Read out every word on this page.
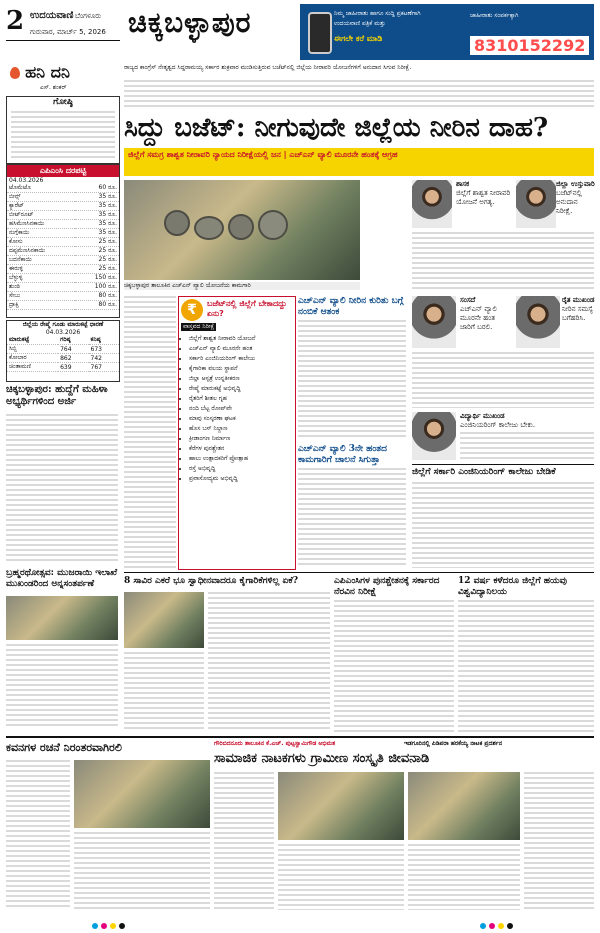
2 ಉದಯವಾಣಿ ಬೆಂಗಳೂರು
ಗುರುವಾರ, ಮಾರ್ಚ್ 5, 2026 ಚಿಕ್ಕಬಳ್ಳಾಪುರ	ನಿಮ್ಮ ಜಾಹೀರಾತು ಹಾಗೂ ಸುದ್ದಿ ಪ್ರಕಟಣೆಗಾಗಿ
ಉದಯವಾಣಿ ಪತ್ರಿಕೆ ಮತ್ತು
ಈಗಲೇ ಕರೆ ಮಾಡಿ
ಜಾಹೀರಾತು ಸಂಪರ್ಕಕ್ಕಾಗಿ
8310152292
ಹನಿ ದನಿ
ಎಸ್. ಶಂಕರ್
ಗೋಷ್ಠಿ
ಎಪಿಎಂಸಿ ದರಪಟ್ಟಿ
04.03.2026
ಟೊಮೆಟೊ	60 ರೂ.
ಬೀನ್ಸ್	35 ರೂ.
ಕ್ಯಾರೆಟ್	35 ರೂ.
ಬೀಟ್‌ರೂಟ್	35 ರೂ.
ಹಸಿಮೆಣಸಿನಕಾಯಿ	35 ರೂ.
ನುಗ್ಗೆಕಾಯಿ	35 ರೂ.
ಕೋಸು	25 ರೂ.
ದಪ್ಪಮೆಣಸಿನಕಾಯಿ	25 ರೂ.
ಬದನೆಕಾಯಿ	25 ರೂ.
ಈರುಳ್ಳಿ	25 ರೂ.
ಬೆಳ್ಳುಳ್ಳಿ	150 ರೂ.
ಶುಂಠಿ	100 ರೂ.
ಸೇಬು	80 ರೂ.
ದ್ರಾಕ್ಷಿ	80 ರೂ.
ಜಿಲ್ಲೆಯ ರೇಷ್ಮೆ ಗೂಡು ಮಾರುಕಟ್ಟೆ ಧಾರಣೆ
04.03.2026
ಮಾರುಕಟ್ಟೆ	ಗರಿಷ್ಠ	ಕನಿಷ್ಠ
ಸಿಬ್ಬಿ	764	673
ಕೋಲಾರ	862	742
ಚಿಂತಾಮಣಿ	639	767
ಚಿಕ್ಕಬಳ್ಳಾಪುರ: ಹುದ್ದೆಗೆ ಮಹಿಳಾ ಅಭ್ಯರ್ಥಿಗಳಿಂದ ಅರ್ಜಿ
ಬ್ರಹ್ಮರಥೋತ್ಸವ: ಮುಜರಾಯಿ ಇಲಾಖೆ ಮುಖಂಡರಿಂದ ಅನ್ನಸಂತರ್ಪಣೆ
ರಾಜ್ಯದ ಕಾಂಗ್ರೆಸ್ ನೇತೃತ್ವದ ಸಿದ್ದರಾಮಯ್ಯ ಸರ್ಕಾರ ಶುಕ್ರವಾರ ಮಂಡಿಸುತ್ತಿರುವ ಬಜೆಟ್‌ನಲ್ಲಿ ಜಿಲ್ಲೆಯ ನೀರಾವರಿ ಯೋಜನೆಗಳಿಗೆ ಅನುದಾನ ಸಿಗುವ ನಿರೀಕ್ಷೆ.
ಸಿದ್ದು ಬಜೆಟ್: ನೀಗುವುದೇ ಜಿಲ್ಲೆಯ ನೀರಿನ ದಾಹ?
ಜಿಲ್ಲೆಗೆ ಸಮಗ್ರ ಶಾಶ್ವತ ನೀರಾವರಿ ನ್ಯಾಯದ ನಿರೀಕ್ಷೆಯಲ್ಲಿ ಜನ | ಎಚ್‌ಎನ್ ವ್ಯಾಲಿ ಮೂರನೇ ಹಂತಕ್ಕೆ ಆಗ್ರಹ
ಚಿಕ್ಕಬಳ್ಳಾಪುರ ತಾಲೂಕಿನ ಎಚ್‌ಎನ್ ವ್ಯಾಲಿ ಯೋಜನೆಯ ಕಾಮಗಾರಿ
₹	ಬಜೆಟ್‌ನಲ್ಲಿ ಜಿಲ್ಲೆಗೆ ಬೇಕಾದದ್ದು ಏನು?
ವಾಸ್ತವದ ನಿರೀಕ್ಷೆ
• ಜಿಲ್ಲೆಗೆ ಶಾಶ್ವತ ನೀರಾವರಿ ಯೋಜನೆ
• ಎಚ್‌ಎನ್ ವ್ಯಾಲಿ ಮೂರನೇ ಹಂತ
• ಸರ್ಕಾರಿ ಎಂಜಿನಿಯರಿಂಗ್ ಕಾಲೇಜು
• ಕೈಗಾರಿಕಾ ವಲಯ ಸ್ಥಾಪನೆ
• ಜಿಲ್ಲಾ ಆಸ್ಪತ್ರೆ ಉನ್ನತೀಕರಣ
• ರೇಷ್ಮೆ ಮಾರುಕಟ್ಟೆ ಅಭಿವೃದ್ಧಿ
• ರೈತರಿಗೆ ಶೀತಲ ಗೃಹ
• ನಂದಿ ಬೆಟ್ಟ ರೋಪ್‌ವೇ
• ಮಾವು ಸಂಸ್ಕರಣಾ ಘಟಕ
• ಹೊಸ ಬಸ್ ನಿಲ್ದಾಣ
• ಕ್ರೀಡಾಂಗಣ ನಿರ್ಮಾಣ
• ಕೆರೆಗಳ ಪುನಶ್ಚೇತನ
• ಹಾಲು ಉತ್ಪಾದಕರಿಗೆ ಪ್ರೋತ್ಸಾಹ
• ರಸ್ತೆ ಅಭಿವೃದ್ಧಿ
• ಪ್ರವಾಸೋದ್ಯಮ ಅಭಿವೃದ್ಧಿ
ಎಚ್‌ಎನ್ ವ್ಯಾಲಿ ನೀರಿನ ಕುರಿತು ಬಗ್ಗೆ ನಂಬಿಕೆ ಆತಂಕ
ಎಚ್‌ಎನ್ ವ್ಯಾಲಿ 3ನೇ ಹಂತದ ಕಾಮಗಾರಿಗೆ ಚಾಲನೆ ಸಿಗುತ್ತಾ
ಶಾಸಕ
ಜಿಲ್ಲೆಗೆ ಶಾಶ್ವತ ನೀರಾವರಿ ಯೋಜನೆ ಅಗತ್ಯ.
ಜಿಲ್ಲಾ ಉಸ್ತುವಾರಿ
ಬಜೆಟ್‌ನಲ್ಲಿ ಅನುದಾನ ನಿರೀಕ್ಷೆ.
ಸಂಸದೆ
ಎಚ್‌ಎನ್ ವ್ಯಾಲಿ ಮೂರನೇ ಹಂತ ಜಾರಿಗೆ ಬರಲಿ.
ರೈತ ಮುಖಂಡ
ನೀರಿನ ಸಮಸ್ಯೆ ಬಗೆಹರಿಸಿ.
ವಿದ್ಯಾರ್ಥಿ ಮುಖಂಡ
ಎಂಜಿನಿಯರಿಂಗ್ ಕಾಲೇಜು ಬೇಕು.
ಜಿಲ್ಲೆಗೆ ಸರ್ಕಾರಿ ಎಂಜಿನಿಯರಿಂಗ್ ಕಾಲೇಜು ಬೇಡಿಕೆ
8 ಸಾವಿರ ಎಕರೆ ಭೂ ಸ್ವಾಧೀನವಾದರೂ ಕೈಗಾರಿಕೆಗಳಿಲ್ಲ ಏಕೆ?	ಎಪಿಎಂಸಿಗಳ ಪುನಶ್ಚೇತನಕ್ಕೆ ಸರ್ಕಾರದ ನೆರವಿನ ನಿರೀಕ್ಷೆ
12 ವರ್ಷ ಕಳೆದರೂ ಜಿಲ್ಲೆಗೆ ಹಯವು ವಿಶ್ವವಿದ್ಯಾನಿಲಯ
ಕವನಗಳ ರಚನೆ ನಿರಂತರವಾಗಿರಲಿ	ಗೌರಿಬಿದನೂರು ತಾಲೂಕಿನ ಕೆ.ಎಚ್. ಪುಟ್ಟಸ್ವಾಮಿಗೌಡ ಅಭಿಮತ	ಇಡಗೂರಿನಲ್ಲಿ ಪಿಡಿಪರಾ ಹರಕೆಯ್ಯ ನಾಟಕ ಪ್ರದರ್ಶನ
ಸಾಮಾಜಿಕ ನಾಟಕಗಳು ಗ್ರಾಮೀಣ ಸಂಸ್ಕೃತಿ ಜೀವನಾಡಿ
